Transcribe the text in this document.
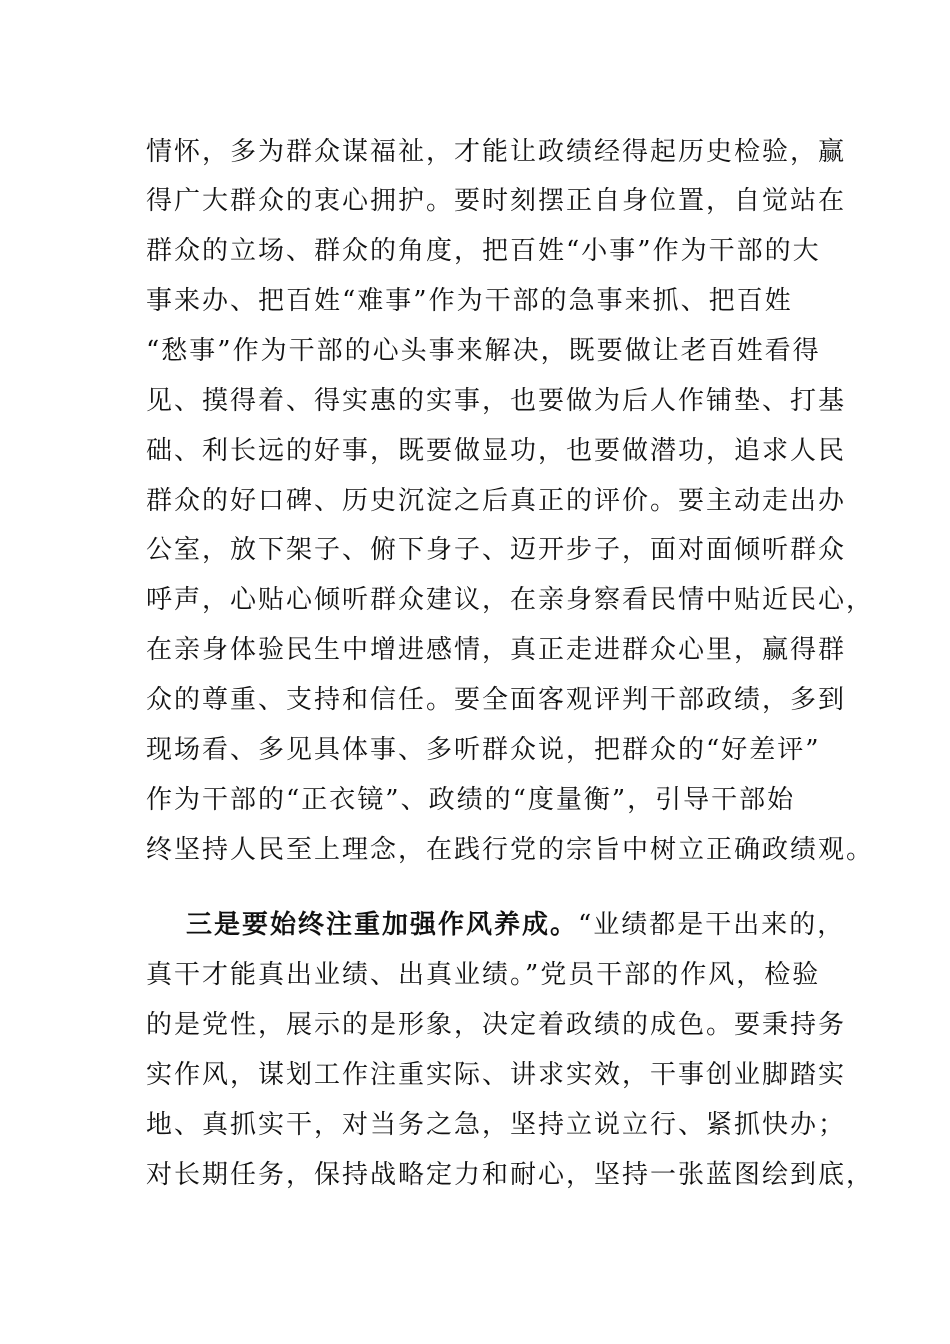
情怀，多为群众谋福祉，才能让政绩经得起历史检验，赢
得广大群众的衷心拥护。要时刻摆正自身位置，自觉站在
群众的立场、群众的角度，把百姓“小事”作为干部的大
事来办、把百姓“难事”作为干部的急事来抓、把百姓
“愁事”作为干部的心头事来解决，既要做让老百姓看得
见、摸得着、得实惠的实事，也要做为后人作铺垫、打基
础、利长远的好事，既要做显功，也要做潜功，追求人民
群众的好口碑、历史沉淀之后真正的评价。要主动走出办
公室，放下架子、俯下身子、迈开步子，面对面倾听群众
呼声，心贴心倾听群众建议，在亲身察看民情中贴近民心，
在亲身体验民生中增进感情，真正走进群众心里，赢得群
众的尊重、支持和信任。要全面客观评判干部政绩，多到
现场看、多见具体事、多听群众说，把群众的“好差评”
作为干部的“正衣镜”、政绩的“度量衡”，引导干部始
终坚持人民至上理念，在践行党的宗旨中树立正确政绩观。
三是要始终注重加强作风养成。“业绩都是干出来的，
真干才能真出业绩、出真业绩。”党员干部的作风，检验
的是党性，展示的是形象，决定着政绩的成色。要秉持务
实作风，谋划工作注重实际、讲求实效，干事创业脚踏实
地、真抓实干，对当务之急，坚持立说立行、紧抓快办；
对长期任务，保持战略定力和耐心，坚持一张蓝图绘到底，
